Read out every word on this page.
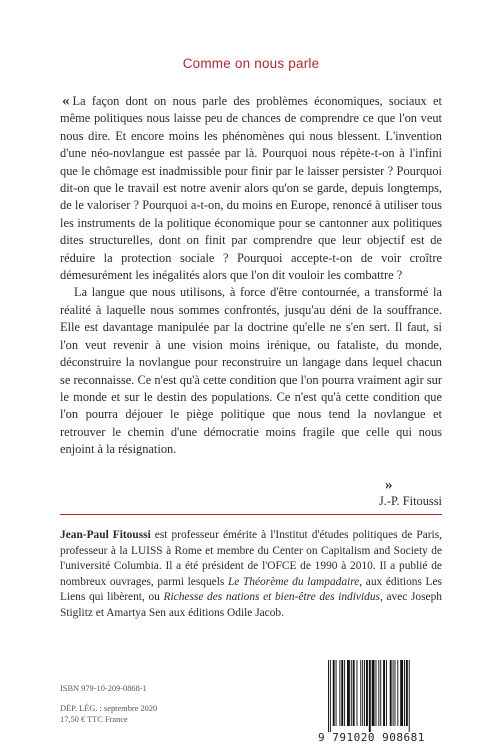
Comme on nous parle

« La façon dont on nous parle des problèmes économiques, sociaux et même politiques nous laisse peu de chances de comprendre ce que l'on veut nous dire. Et encore moins les phénomènes qui nous blessent. L'invention d'une néo-novlangue est passée par là. Pourquoi nous répète-t-on à l'infini que le chômage est inadmissible pour finir par le laisser persister ? Pourquoi dit-on que le travail est notre avenir alors qu'on se garde, depuis longtemps, de le valoriser ? Pourquoi a-t-on, du moins en Europe, renoncé à utiliser tous les instruments de la politique économique pour se cantonner aux politiques dites structurelles, dont on finit par comprendre que leur objectif est de réduire la protection sociale ? Pourquoi accepte-t-on de voir croître démesurément les inégalités alors que l'on dit vouloir les combattre ?

La langue que nous utilisons, à force d'être contournée, a transformé la réalité à laquelle nous sommes confrontés, jusqu'au déni de la souffrance. Elle est davantage manipulée par la doctrine qu'elle ne s'en sert. Il faut, si l'on veut revenir à une vision moins irénique, ou fataliste, du monde, déconstruire la novlangue pour reconstruire un langage dans lequel chacun se reconnaisse. Ce n'est qu'à cette condition que l'on pourra vraiment agir sur le monde et sur le destin des populations. Ce n'est qu'à cette condition que l'on pourra déjouer le piège politique que nous tend la novlangue et retrouver le chemin d'une démocratie moins fragile que celle qui nous enjoint à la résignation.

»
J.-P. Fitoussi
Jean-Paul Fitoussi est professeur émérite à l'Institut d'études politiques de Paris, professeur à la LUISS à Rome et membre du Center on Capitalism and Society de l'université Columbia. Il a été président de l'OFCE de 1990 à 2010. Il a publié de nombreux ouvrages, parmi lesquels Le Théorème du lampadaire, aux éditions Les Liens qui libèrent, ou Richesse des nations et bien-être des individus, avec Joseph Stiglitz et Amartya Sen aux éditions Odile Jacob.
ISBN 979-10-209-0868-1
DÉP. LÉG. : septembre 2020
17,50 € TTC France
9 791020 908681
